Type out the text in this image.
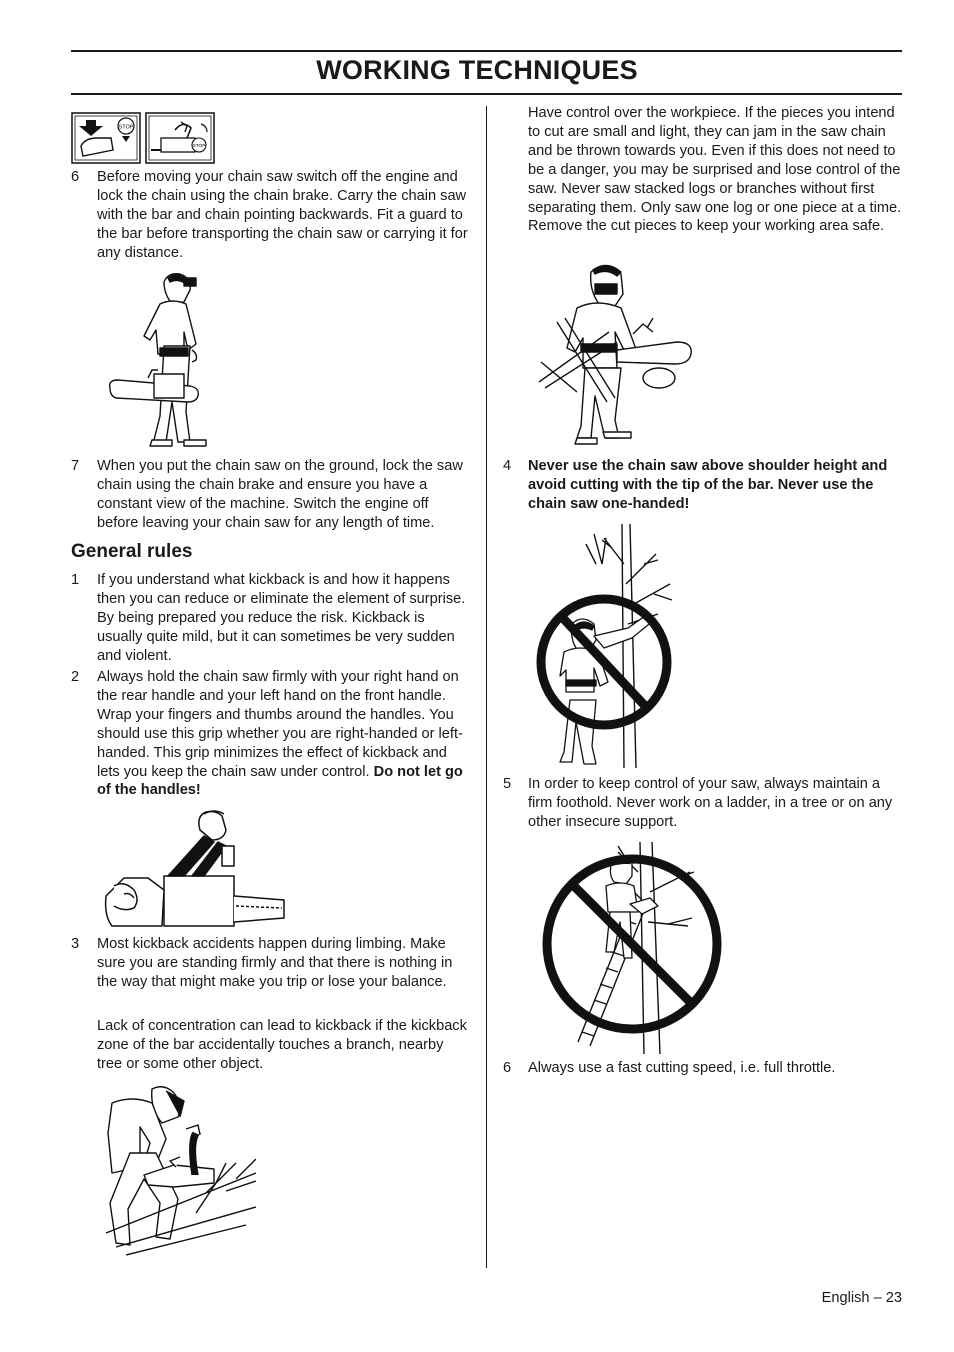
WORKING TECHNIQUES
STOP
STOP
6 Before moving your chain saw switch off the engine and lock the chain using the chain brake. Carry the chain saw with the bar and chain pointing backwards. Fit a guard to the bar before transporting the chain saw or carrying it for any distance.

7 When you put the chain saw on the ground, lock the saw chain using the chain brake and ensure you have a constant view of the machine. Switch the engine off before leaving your chain saw for any length of time.

General rules
1 If you understand what kickback is and how it happens then you can reduce or eliminate the element of surprise. By being prepared you reduce the risk. Kickback is usually quite mild, but it can sometimes be very sudden and violent.

2 Always hold the chain saw firmly with your right hand on the rear handle and your left hand on the front handle. Wrap your fingers and thumbs around the handles. You should use this grip whether you are right-handed or left-handed. This grip minimizes the effect of kickback and lets you keep the chain saw under control. Do not let go of the handles!

3 Most kickback accidents happen during limbing. Make sure you are standing firmly and that there is nothing in the way that might make you trip or lose your balance.

Lack of concentration can lead to kickback if the kickback zone of the bar accidentally touches a branch, nearby tree or some other object.

Have control over the workpiece. If the pieces you intend to cut are small and light, they can jam in the saw chain and be thrown towards you. Even if this does not need to be a danger, you may be surprised and lose control of the saw. Never saw stacked logs or branches without first separating them. Only saw one log or one piece at a time. Remove the cut pieces to keep your working area safe.

4 Never use the chain saw above shoulder height and avoid cutting with the tip of the bar. Never use the chain saw one-handed!

5 In order to keep control of your saw, always maintain a firm foothold. Never work on a ladder, in a tree or on any other insecure support.

6 Always use a fast cutting speed, i.e. full throttle.

English – 23
